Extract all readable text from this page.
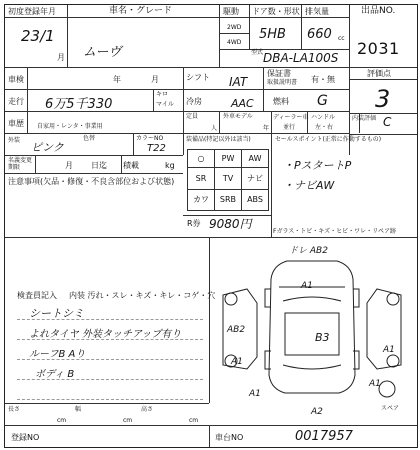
初度登録年月
23/1
月
車名・グレード
ムーヴ
駆動
2WD
4WD
ドア数・形状
5HB
排気量
660 cc
型式 DBA-LA100S
出品NO.
2031
車検	年	月	シフト IAT
保証書
取扱説明書 有・無
評価点
3
走行 6万5千330
キロ
マイル 冷房	AAC 燃料 G
車歴 自家用・レンタ・事業用
定員
人
外車モデル
年
ディーラー車
並行
ハンドル
左・右
内装評価 C
外装	色替
ピンク
カラーNO
T22
装備品(特記以外は該当)
○	PW	AW
SR	TV	ナビ
カワ	SRB	ABS
R券 9080円
セールスポイント(正常に作動するもの)
・PスタートP
・ナビAW
名義変更期限	月 日迄 積載	kg
注意事項(欠品・修復・不良含部位および状態)
Fガラス・トビ・キズ・ヒビ・ワレ・リペア跡
検査員記入 内装 汚れ・スレ・キズ・キレ・コゲ・穴
シートシミ
よれタイヤ 外装タッチアップ有り
ルーフB Aり
ボディ B
ドレ AB2
A1
AB2
B3
A1
A1
A1
A2
A1
スペア
長さ
cm
幅
cm
高さ
cm
登録NO	車台NO	0017957
